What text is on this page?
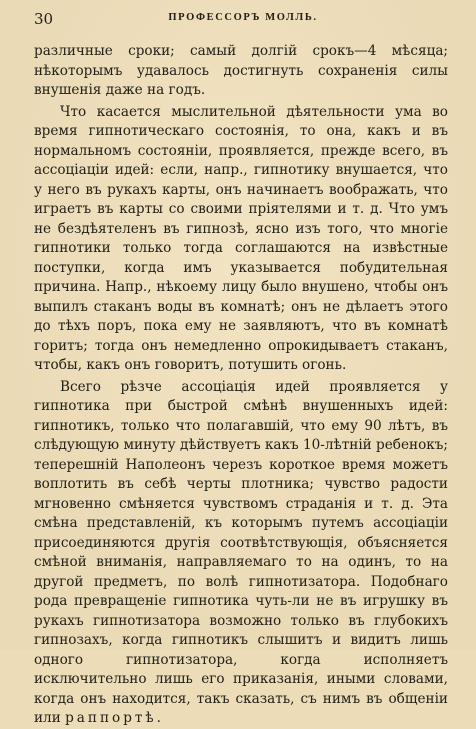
30	ПРОФЕССОРЪ МОЛЛЬ.

различные сроки; самый долгій срокъ—4 мѣсяца; нѣкоторымъ удавалось достигнуть сохраненія силы внушенія даже на годъ.

Что касается мыслительной дѣятельности ума во время гипнотическаго состоянія, то она, какъ и въ нормальномъ состояніи, проявляется, прежде всего, въ ассоціаціи идей: если, напр., гипнотику внушается, что у него въ рукахъ карты, онъ начинаетъ воображать, что играетъ въ карты со своими пріятелями и т. д. Что умъ не бездѣятеленъ въ гипнозѣ, ясно изъ того, что многіе гипнотики только тогда соглашаются на извѣстные поступки, когда имъ указывается побудительная причина. Напр., нѣкоему лицу было внушено, чтобы онъ выпилъ стаканъ воды въ комнатѣ; онъ не дѣлаетъ этого до тѣхъ поръ, пока ему не заявляютъ, что въ комнатѣ горитъ; тогда онъ немедленно опрокидываетъ стаканъ, чтобы, какъ онъ говоритъ, потушить огонь.

Всего рѣзче ассоціація идей проявляется у гипнотика при быстрой смѣнѣ внушенныхъ идей: гипнотикъ, только что полагавшій, что ему 90 лѣтъ, въ слѣдующую минуту дѣйствуетъ какъ 10-лѣтній ребенокъ; теперешній Наполеонъ черезъ короткое время можетъ воплотить въ себѣ черты плотника; чувство радости мгновенно смѣняется чувствомъ страданія и т. д. Эта смѣна представленій, къ которымъ путемъ ассоціаціи присоединяются другія соотвѣтствующія, объясняется смѣной вниманія, направляемаго то на одинъ, то на другой предметъ, по волѣ гипнотизатора. Подобнаго рода превращеніе гипнотика чуть-ли не въ игрушку въ рукахъ гипнотизатора возможно только въ глубокихъ гипнозахъ, когда гипнотикъ слышитъ и видитъ лишь одного гипнотизатора, когда исполняетъ исключительно лишь его приказанія, иными словами, когда онъ находится, такъ сказать, съ нимъ въ общеніи или раппортѣ.
